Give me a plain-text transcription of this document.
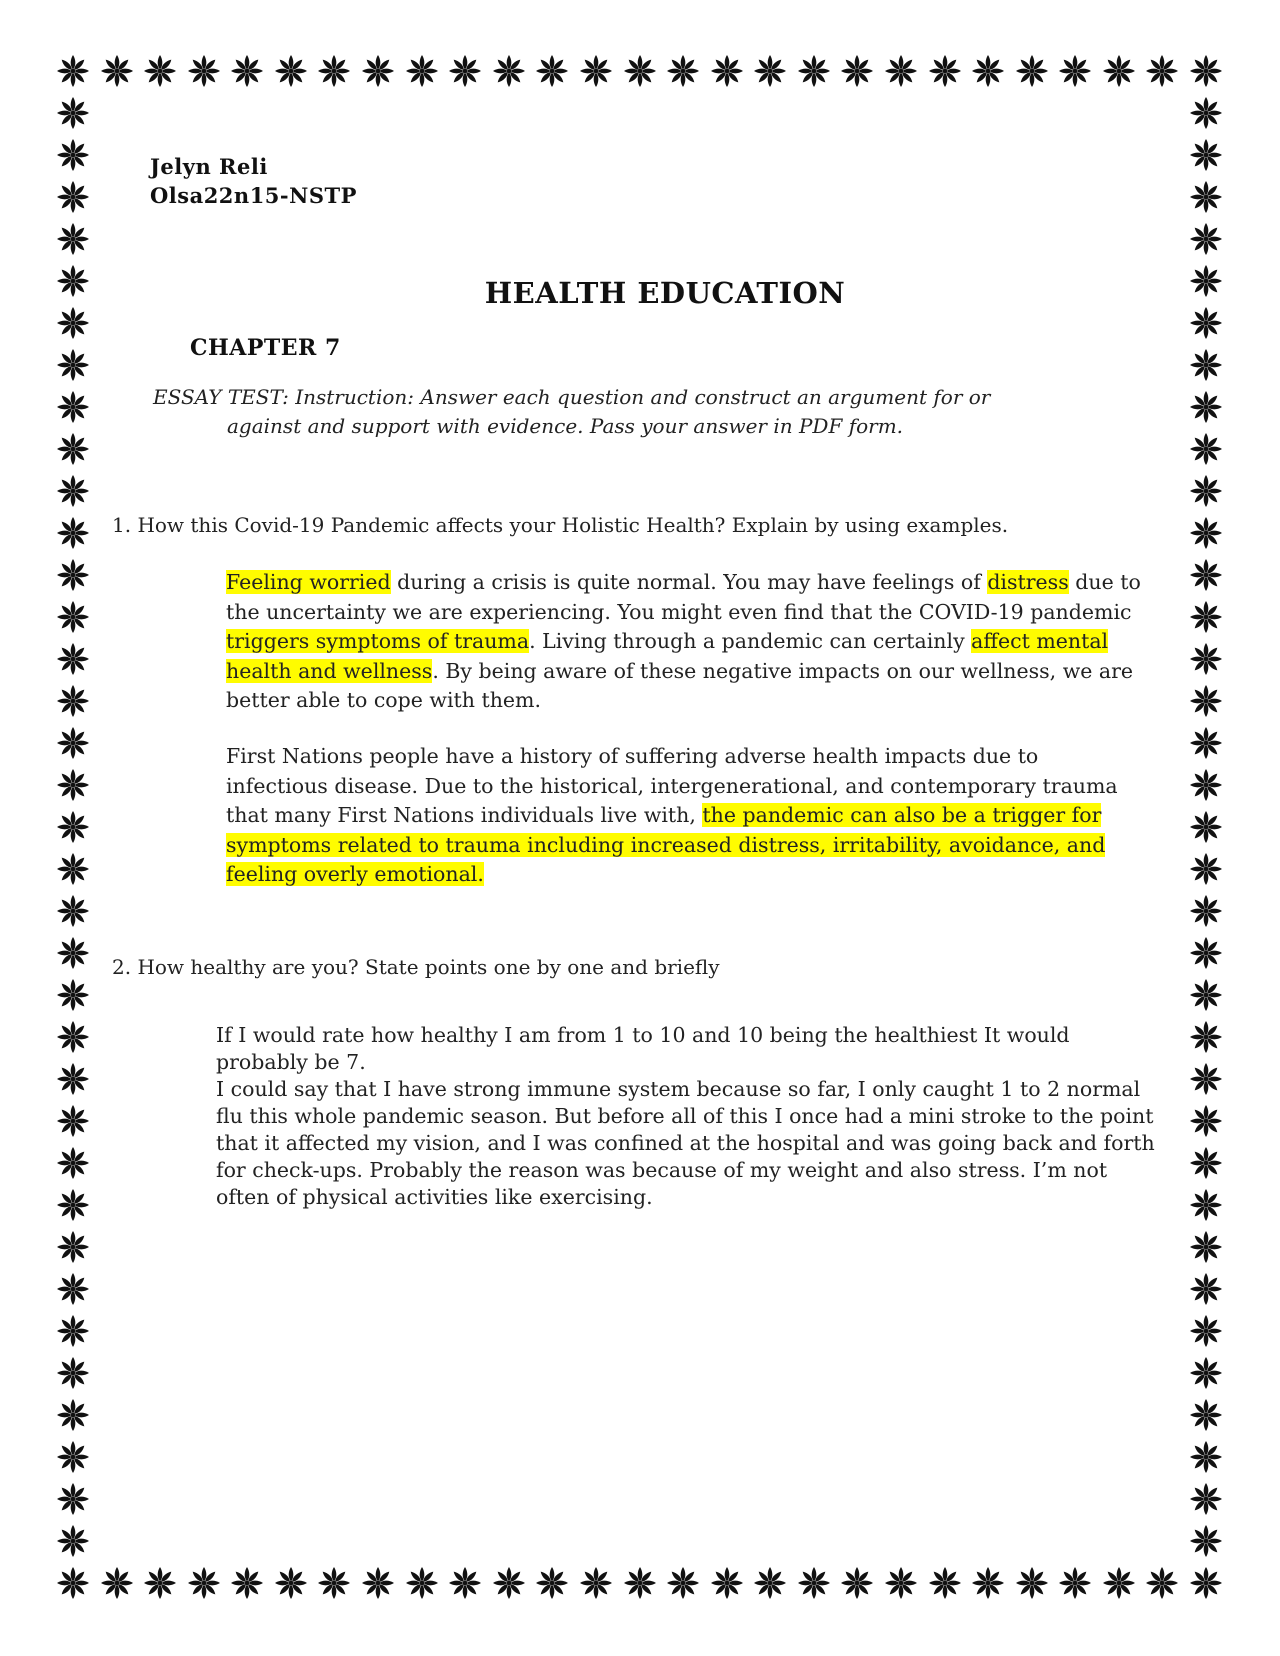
Jelyn Reli
Olsa22n15-NSTP
HEALTH EDUCATION
CHAPTER 7
ESSAY TEST: Instruction: Answer each question and construct an argument for or
against and support with evidence. Pass your answer in PDF form.
1. How this Covid-19 Pandemic affects your Holistic Health? Explain by using examples.
Feeling worried during a crisis is quite normal. You may have feelings of distress due to the uncertainty we are experiencing. You might even find that the COVID-19 pandemic triggers symptoms of trauma. Living through a pandemic can certainly affect mental health and wellness. By being aware of these negative impacts on our wellness, we are better able to cope with them.
First Nations people have a history of suffering adverse health impacts due to infectious disease. Due to the historical, intergenerational, and contemporary trauma that many First Nations individuals live with, the pandemic can also be a trigger for symptoms related to trauma including increased distress, irritability, avoidance, and feeling overly emotional.
2. How healthy are you? State points one by one and briefly
If I would rate how healthy I am from 1 to 10 and 10 being the healthiest It would probably be 7.
I could say that I have strong immune system because so far, I only caught 1 to 2 normal flu this whole pandemic season. But before all of this I once had a mini stroke to the point that it affected my vision, and I was confined at the hospital and was going back and forth for check-ups. Probably the reason was because of my weight and also stress. I’m not often of physical activities like exercising.
